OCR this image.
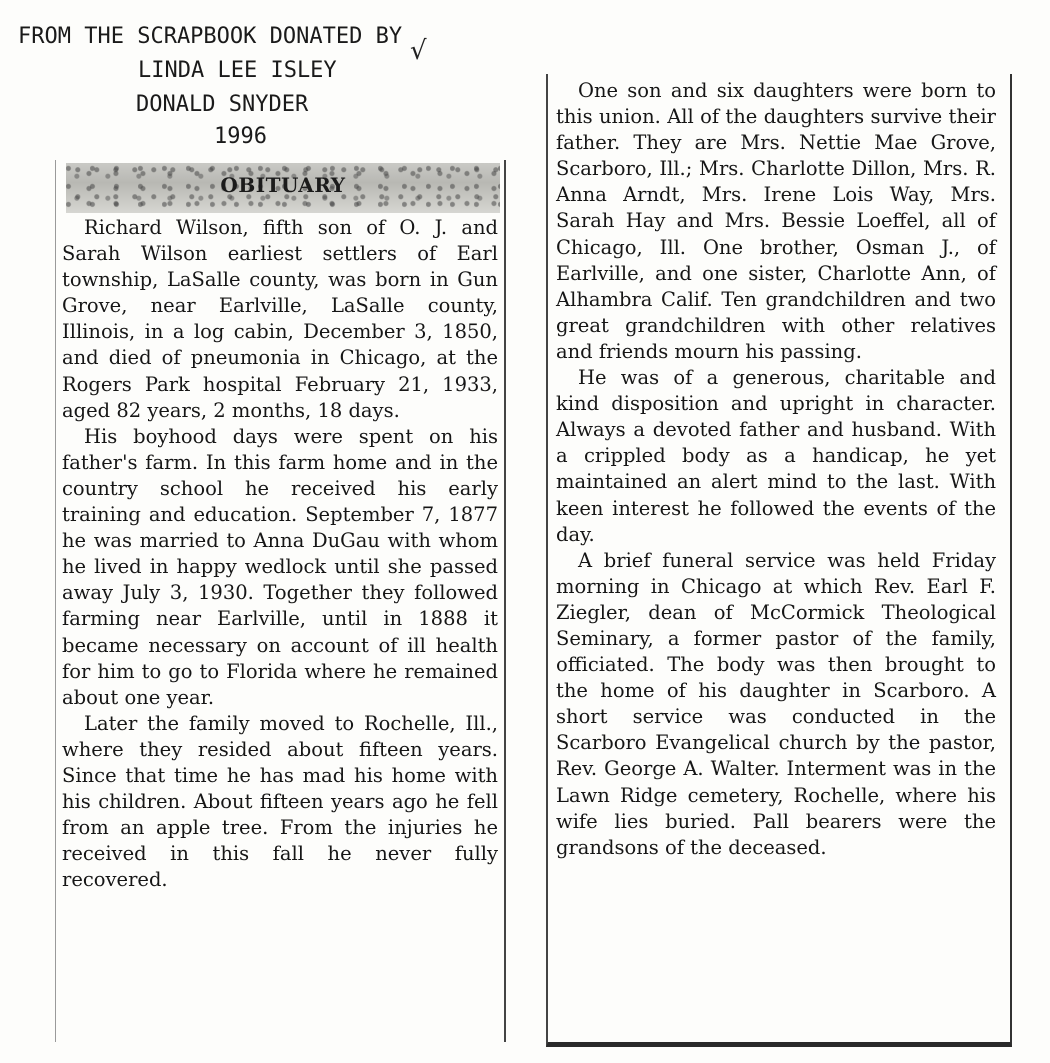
FROM THE SCRAPBOOK DONATED BY
LINDA LEE ISLEY
DONALD SNYDER
1996
√
OBITUARY

Richard Wilson, fifth son of O. J. and Sarah Wilson earliest settlers of Earl township, LaSalle county, was born in Gun Grove, near Earlville, LaSalle county, Illinois, in a log cabin, December 3, 1850, and died of pneumonia in Chicago, at the Rogers Park hospital February 21, 1933, aged 82 years, 2 months, 18 days.

His boyhood days were spent on his father's farm. In this farm home and in the country school he received his early training and education. September 7, 1877 he was married to Anna DuGau with whom he lived in happy wedlock until she passed away July 3, 1930. Together they followed farming near Earlville, until in 1888 it became necessary on account of ill health for him to go to Florida where he remained about one year.

Later the family moved to Rochelle, Ill., where they resided about fifteen years. Since that time he has mad his home with his children. About fifteen years ago he fell from an apple tree. From the injuries he received in this fall he never fully recovered.

One son and six daughters were born to this union. All of the daughters survive their father. They are Mrs. Nettie Mae Grove, Scarboro, Ill.; Mrs. Charlotte Dillon, Mrs. R. Anna Arndt, Mrs. Irene Lois Way, Mrs. Sarah Hay and Mrs. Bessie Loeffel, all of Chicago, Ill. One brother, Osman J., of Earlville, and one sister, Charlotte Ann, of Alhambra Calif. Ten grandchildren and two great grandchildren with other relatives and friends mourn his passing.

He was of a generous, charitable and kind disposition and upright in character. Always a devoted father and husband. With a crippled body as a handicap, he yet maintained an alert mind to the last. With keen interest he followed the events of the day.

A brief funeral service was held Friday morning in Chicago at which Rev. Earl F. Ziegler, dean of McCormick Theological Seminary, a former pastor of the family, officiated. The body was then brought to the home of his daughter in Scarboro. A short service was conducted in the Scarboro Evangelical church by the pastor, Rev. George A. Walter. Interment was in the Lawn Ridge cemetery, Rochelle, where his wife lies buried. Pall bearers were the grandsons of the deceased.
